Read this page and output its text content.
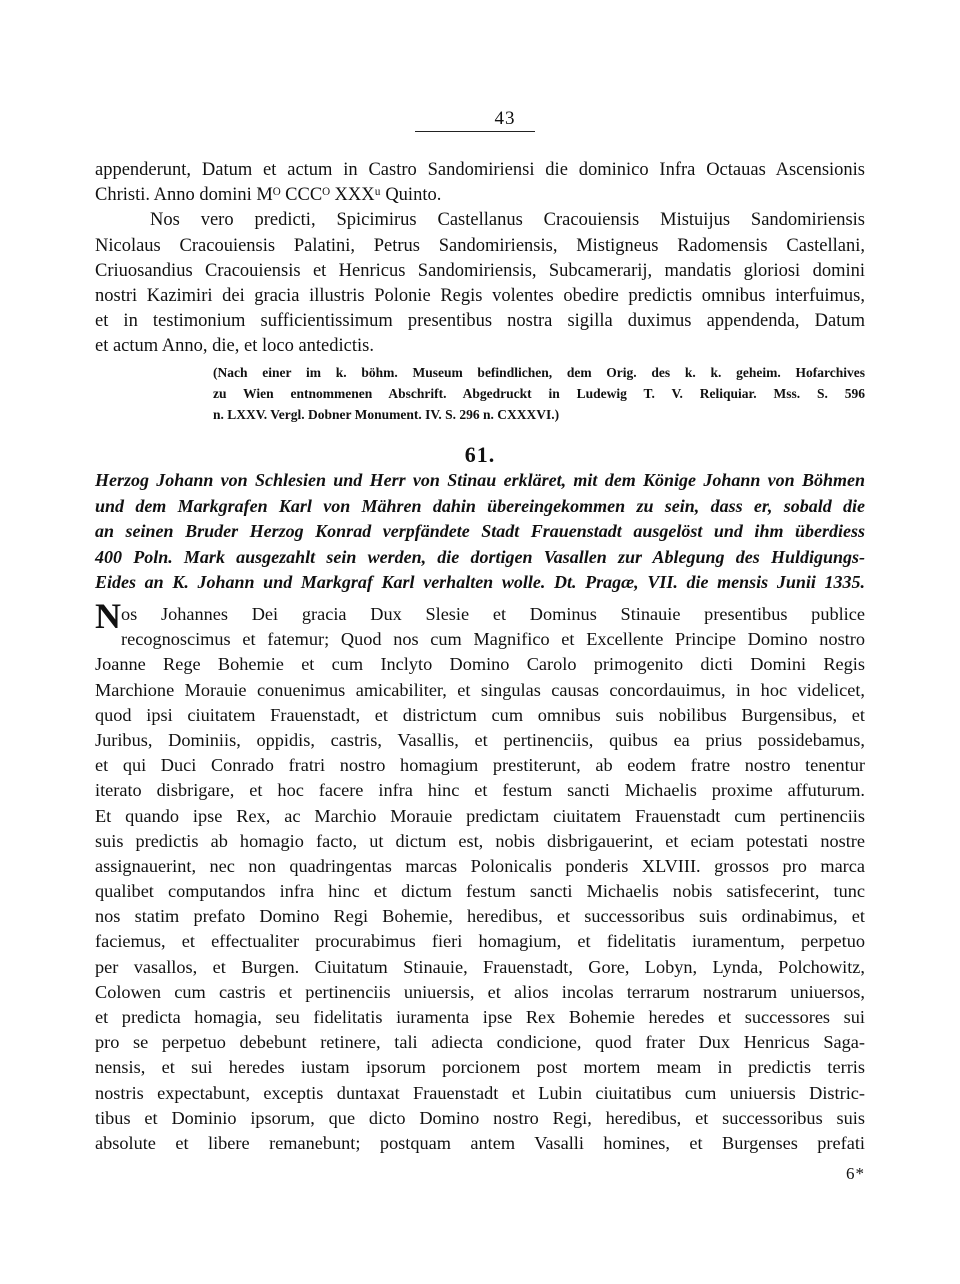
43
appenderunt, Datum et actum in Castro Sandomiriensi die dominico Infra Octauas Ascensionis
Christi. Anno domini Mᴼ CCCᴼ XXXᵘ Quinto.
Nos vero predicti, Spicimirus Castellanus Cracouiensis Mistuijus Sandomiriensis
Nicolaus Cracouiensis Palatini, Petrus Sandomiriensis, Mistigneus Radomensis Castellani,
Criuosandius Cracouiensis et Henricus Sandomiriensis, Subcamerarij, mandatis gloriosi domini
nostri Kazimiri dei gracia illustris Polonie Regis volentes obedire predictis omnibus interfuimus,
et in testimonium sufficientissimum presentibus nostra sigilla duximus appendenda, Datum
et actum Anno, die, et loco antedictis.
(Nach einer im k. böhm. Museum befindlichen, dem Orig. des k. k. geheim. Hofarchives
zu Wien entnommenen Abschrift. Abgedruckt in Ludewig T. V. Reliquiar. Mss. S. 596
n. LXXV. Vergl. Dobner Monument. IV. S. 296 n. CXXXVI.)
61.
Herzog Johann von Schlesien und Herr von Stinau erkläret, mit dem Könige Johann von Böhmen
und dem Markgrafen Karl von Mähren dahin übereingekommen zu sein, dass er, sobald die
an seinen Bruder Herzog Konrad verpfändete Stadt Frauenstadt ausgelöst und ihm überdiess
400 Poln. Mark ausgezahlt sein werden, die dortigen Vasallen zur Ablegung des Huldigungs-
Eides an K. Johann und Markgraf Karl verhalten wolle. Dt. Pragæ, VII. die mensis Junii 1335.
Nos Johannes Dei gracia Dux Slesie et Dominus Stinauie presentibus publice
recognoscimus et fatemur; Quod nos cum Magnifico et Excellente Principe Domino nostro
Joanne Rege Bohemie et cum Inclyto Domino Carolo primogenito dicti Domini Regis
Marchione Morauie conuenimus amicabiliter, et singulas causas concordauimus, in hoc videlicet,
quod ipsi ciuitatem Frauenstadt, et districtum cum omnibus suis nobilibus Burgensibus, et
Juribus, Dominiis, oppidis, castris, Vasallis, et pertinenciis, quibus ea prius possidebamus,
et qui Duci Conrado fratri nostro homagium prestiterunt, ab eodem fratre nostro tenentur
iterato disbrigare, et hoc facere infra hinc et festum sancti Michaelis proxime affuturum.
Et quando ipse Rex, ac Marchio Morauie predictam ciuitatem Frauenstadt cum pertinenciis
suis predictis ab homagio facto, ut dictum est, nobis disbrigauerint, et eciam potestati nostre
assignauerint, nec non quadringentas marcas Polonicalis ponderis XLVIII. grossos pro marca
qualibet computandos infra hinc et dictum festum sancti Michaelis nobis satisfecerint, tunc
nos statim prefato Domino Regi Bohemie, heredibus, et successoribus suis ordinabimus, et
faciemus, et effectualiter procurabimus fieri homagium, et fidelitatis iuramentum, perpetuo
per vasallos, et Burgen. Ciuitatum Stinauie, Frauenstadt, Gore, Lobyn, Lynda, Polchowitz,
Colowen cum castris et pertinenciis uniuersis, et alios incolas terrarum nostrarum uniuersos,
et predicta homagia, seu fidelitatis iuramenta ipse Rex Bohemie heredes et successores sui
pro se perpetuo debebunt retinere, tali adiecta condicione, quod frater Dux Henricus Saga-
nensis, et sui heredes iustam ipsorum porcionem post mortem meam in predictis terris
nostris expectabunt, exceptis duntaxat Frauenstadt et Lubin ciuitatibus cum uniuersis Distric-
tibus et Dominio ipsorum, que dicto Domino nostro Regi, heredibus, et successoribus suis
absolute et libere remanebunt; postquam antem Vasalli homines, et Burgenses prefati
6*
